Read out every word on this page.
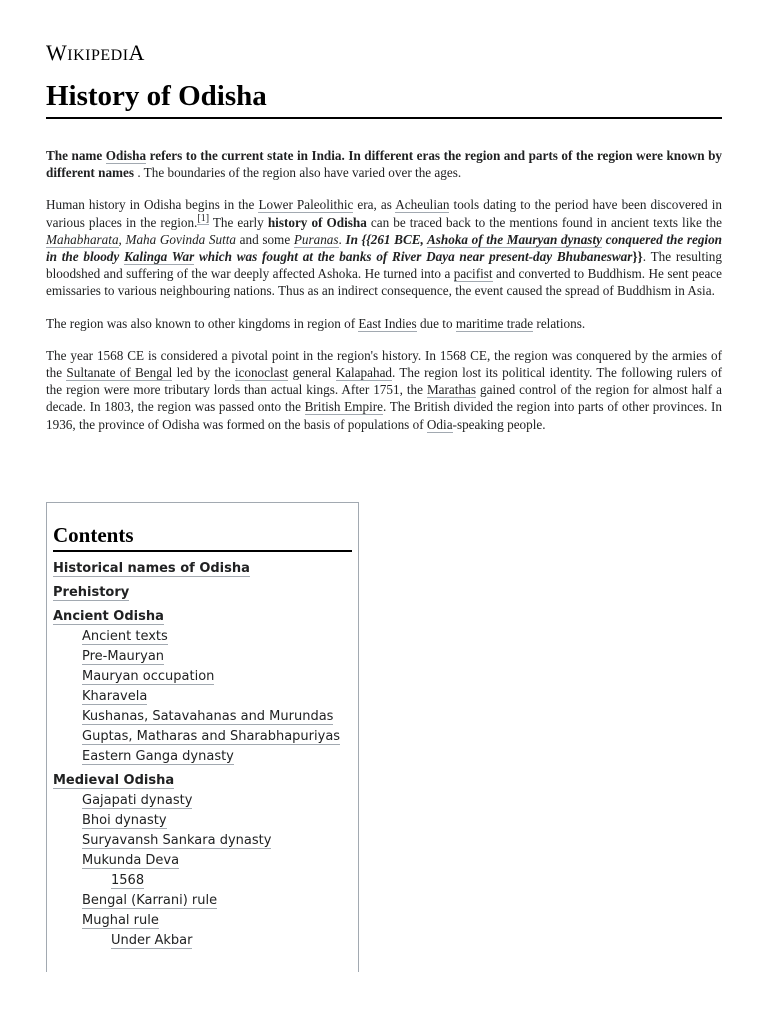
WIKIPEDIA
History of Odisha

The name Odisha refers to the current state in India. In different eras the region and parts of the region were known by different names . The boundaries of the region also have varied over the ages.

Human history in Odisha begins in the Lower Paleolithic era, as Acheulian tools dating to the period have been discovered in various places in the region.[1] The early history of Odisha can be traced back to the mentions found in ancient texts like the Mahabharata, Maha Govinda Sutta and some Puranas. In {{261 BCE, Ashoka of the Mauryan dynasty conquered the region in the bloody Kalinga War which was fought at the banks of River Daya near present-day Bhubaneswar}}. The resulting bloodshed and suffering of the war deeply affected Ashoka. He turned into a pacifist and converted to Buddhism. He sent peace emissaries to various neighbouring nations. Thus as an indirect consequence, the event caused the spread of Buddhism in Asia.

The region was also known to other kingdoms in region of East Indies due to maritime trade relations.

The year 1568 CE is considered a pivotal point in the region's history. In 1568 CE, the region was conquered by the armies of the Sultanate of Bengal led by the iconoclast general Kalapahad. The region lost its political identity. The following rulers of the region were more tributary lords than actual kings. After 1751, the Marathas gained control of the region for almost half a decade. In 1803, the region was passed onto the British Empire. The British divided the region into parts of other provinces. In 1936, the province of Odisha was formed on the basis of populations of Odia-speaking people.

Contents
Historical names of Odisha
Prehistory
Ancient Odisha
Ancient texts
Pre-Mauryan
Mauryan occupation
Kharavela
Kushanas, Satavahanas and Murundas
Guptas, Matharas and Sharabhapuriyas
Eastern Ganga dynasty
Medieval Odisha
Gajapati dynasty
Bhoi dynasty
Suryavansh Sankara dynasty
Mukunda Deva
1568
Bengal (Karrani) rule
Mughal rule
Under Akbar
